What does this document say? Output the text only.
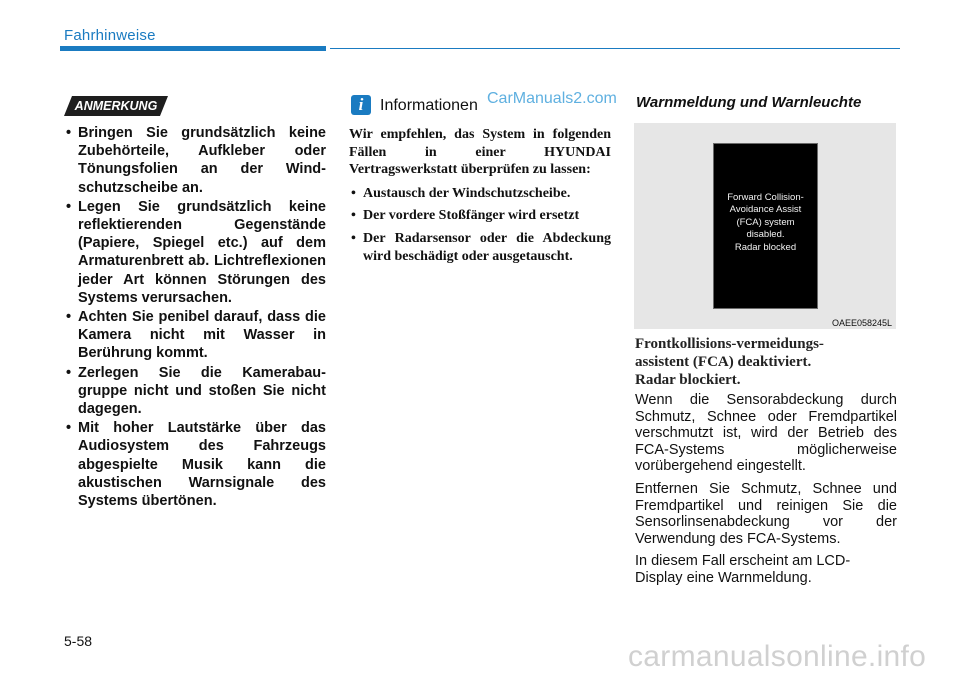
Fahrhinweise
ANMERKUNG
• Bringen Sie grundsätzlich keine Zubehörteile, Aufkleber oder Tönungsfolien an der Wind-schutzscheibe an.
• Legen Sie grundsätzlich keine reflektierenden Gegenstände (Papiere, Spiegel etc.) auf dem Armaturenbrett ab. Lichtreflexionen jeder Art können Störungen des Systems verursachen.
• Achten Sie penibel darauf, dass die Kamera nicht mit Wasser in Berührung kommt.
• Zerlegen Sie die Kamerabau-gruppe nicht und stoßen Sie nicht dagegen.
• Mit hoher Lautstärke über das Audiosystem des Fahrzeugs abgespielte Musik kann die akustischen Warnsignale des Systems übertönen.
i	Informationen CarManuals2.com

Wir empfehlen, das System in folgenden Fällen in einer HYUNDAI Vertragswerkstatt überprüfen zu lassen:

• Austausch der Windschutzscheibe.
• Der vordere Stoßfänger wird ersetzt
• Der Radarsensor oder die Abdeckung wird beschädigt oder ausgetauscht.
Warnmeldung und Warnleuchte
Forward Collision-
Avoidance Assist
(FCA) system
disabled.
Radar blocked
OAEE058245L
Frontkollisions-vermeidungs-
assistent (FCA) deaktiviert.
Radar blockiert.

Wenn die Sensorabdeckung durch Schmutz, Schnee oder Fremdpartikel verschmutzt ist, wird der Betrieb des FCA-Systems möglicherweise vorübergehend eingestellt.

Entfernen Sie Schmutz, Schnee und Fremdpartikel und reinigen Sie die Sensorlinsenabdeckung vor der Verwendung des FCA-Systems.

In diesem Fall erscheint am LCD-Display eine Warnmeldung.

5-58	carmanualsonline.info
